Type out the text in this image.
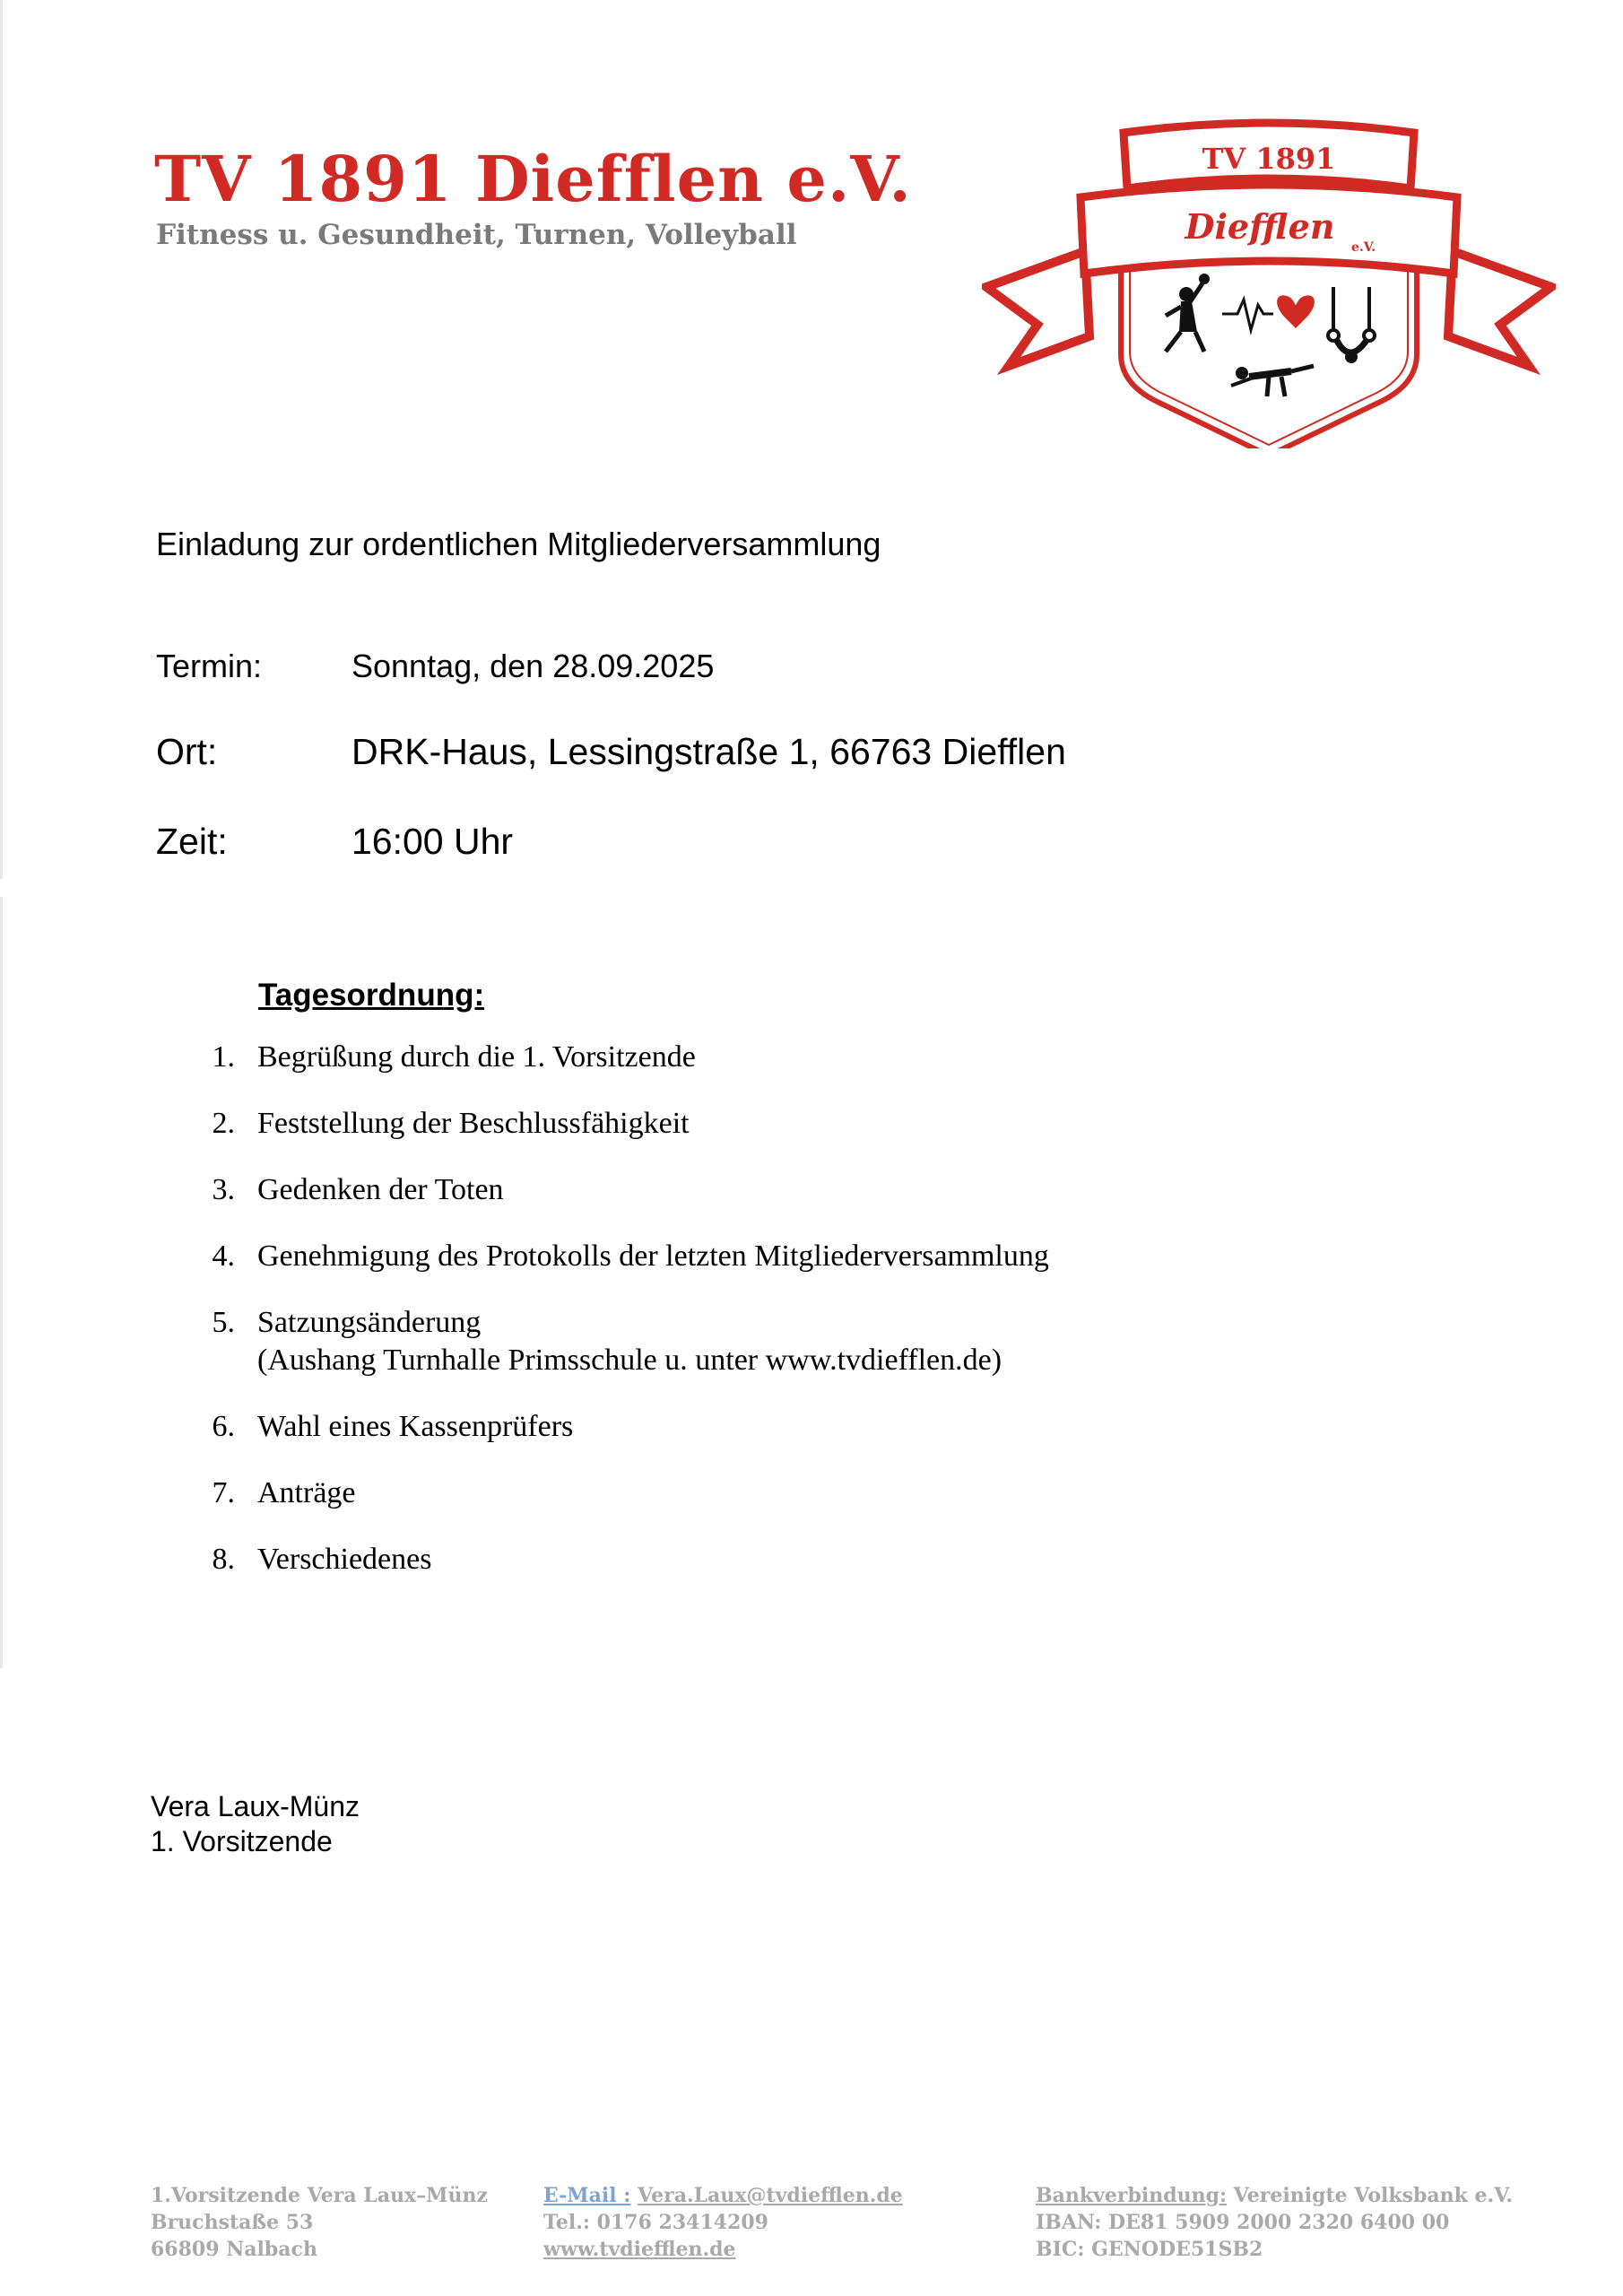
TV 1891 Diefflen e.V.
Fitness u. Gesundheit, Turnen, Volleyball
TV 1891
Diefflen
e.V.
Einladung zur ordentlichen Mitgliederversammlung
Termin:	Sonntag, den 28.09.2025
Ort:	DRK-Haus, Lessingstraße 1, 66763 Diefflen
Zeit:	16:00 Uhr
Tagesordnung:
1. Begrüßung durch die 1. Vorsitzende
2. Feststellung der Beschlussfähigkeit
3. Gedenken der Toten
4. Genehmigung des Protokolls der letzten Mitgliederversammlung
5. Satzungsänderung
(Aushang Turnhalle Primsschule u. unter www.tvdiefflen.de)
6. Wahl eines Kassenprüfers
7. Anträge
8. Verschiedenes
Vera Laux-Münz
1. Vorsitzende
1.Vorsitzende Vera Laux–Münz
Bruchstaße 53
66809 Nalbach
E-Mail : Vera.Laux@tvdiefflen.de
Tel.: 0176 23414209
www.tvdiefflen.de
Bankverbindung: Vereinigte Volksbank e.V.
IBAN: DE81 5909 2000 2320 6400 00
BIC: GENODE51SB2
